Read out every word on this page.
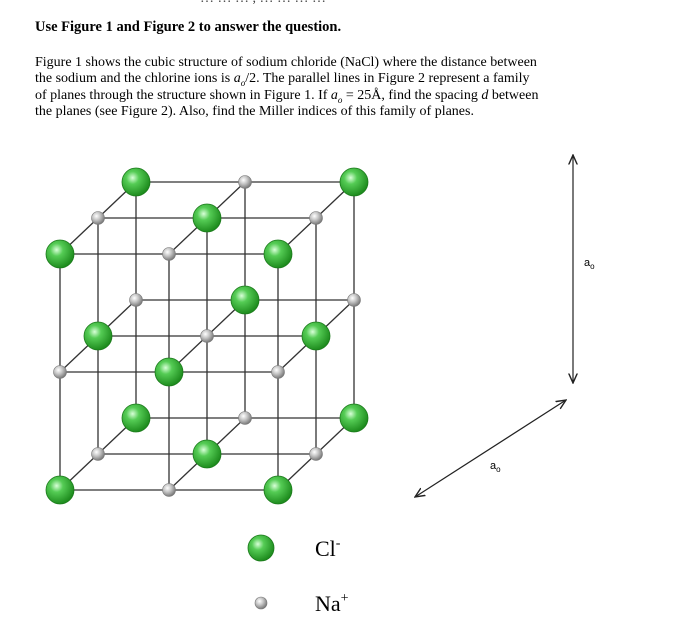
Use Figure 1 and Figure 2 to answer the question.
Figure 1 shows the cubic structure of sodium chloride (NaCl) where the distance between
the sodium and the chlorine ions is $a_o/2$. The parallel lines in Figure 2 represent a family
of planes through the structure shown in Figure 1. If $a_o$ = 25Å, find the spacing d between
the planes (see Figure 2). Also, find the Miller indices of this family of planes.
$a_o$
$a_o$
Cl-
Na+
